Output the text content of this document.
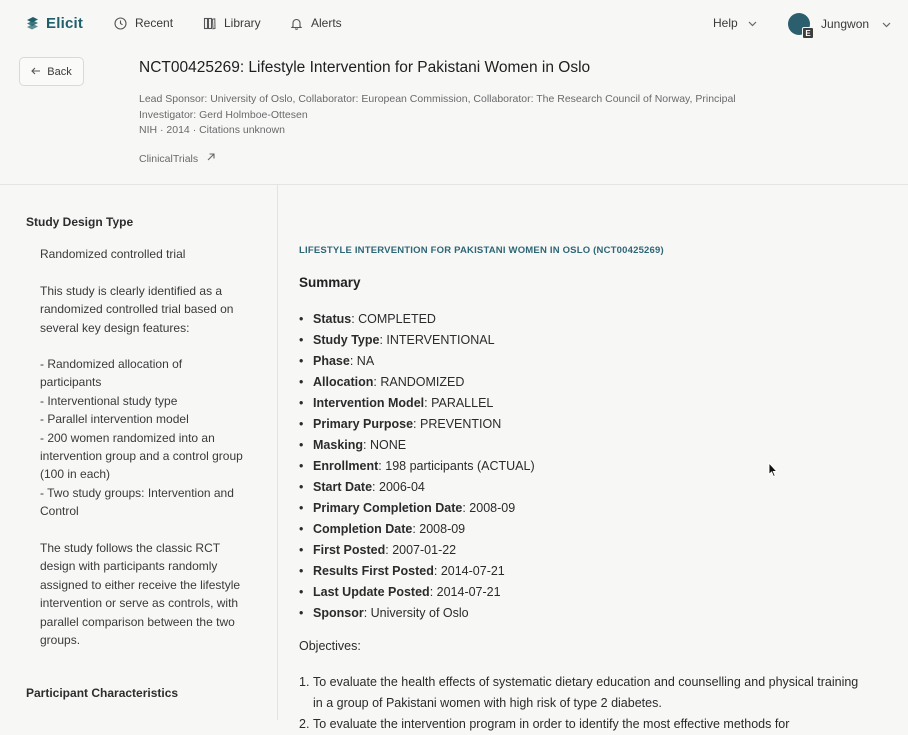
Elicit	Recent	Library	Alerts	Help
E
Jungwon
Back	NCT00425269: Lifestyle Intervention for Pakistani Women in Oslo
Lead Sponsor: University of Oslo, Collaborator: European Commission, Collaborator: The Research Council of Norway, Principal
Investigator: Gerd Holmboe-Ottesen
NIH · 2014 · Citations unknown
ClinicalTrials
Study Design Type
Randomized controlled trial
This study is clearly identified as a randomized controlled trial based on several key design features:
- Randomized allocation of participants
- Interventional study type
- Parallel intervention model
- 200 women randomized into an intervention group and a control group (100 in each)
- Two study groups: Intervention and Control
The study follows the classic RCT design with participants randomly assigned to either receive the lifestyle intervention or serve as controls, with parallel comparison between the two groups.
Participant Characteristics
LIFESTYLE INTERVENTION FOR PAKISTANI WOMEN IN OSLO (NCT00425269)
Summary
• Status: COMPLETED
• Study Type: INTERVENTIONAL
• Phase: NA
• Allocation: RANDOMIZED
• Intervention Model: PARALLEL
• Primary Purpose: PREVENTION
• Masking: NONE
• Enrollment: 198 participants (ACTUAL)
• Start Date: 2006-04
• Primary Completion Date: 2008-09
• Completion Date: 2008-09
• First Posted: 2007-01-22
• Results First Posted: 2014-07-21
• Last Update Posted: 2014-07-21
• Sponsor: University of Oslo
Objectives:
1. To evaluate the health effects of systematic dietary education and counselling and physical training in a group of Pakistani women with high risk of type 2 diabetes.
2. To evaluate the intervention program in order to identify the most effective methods for
